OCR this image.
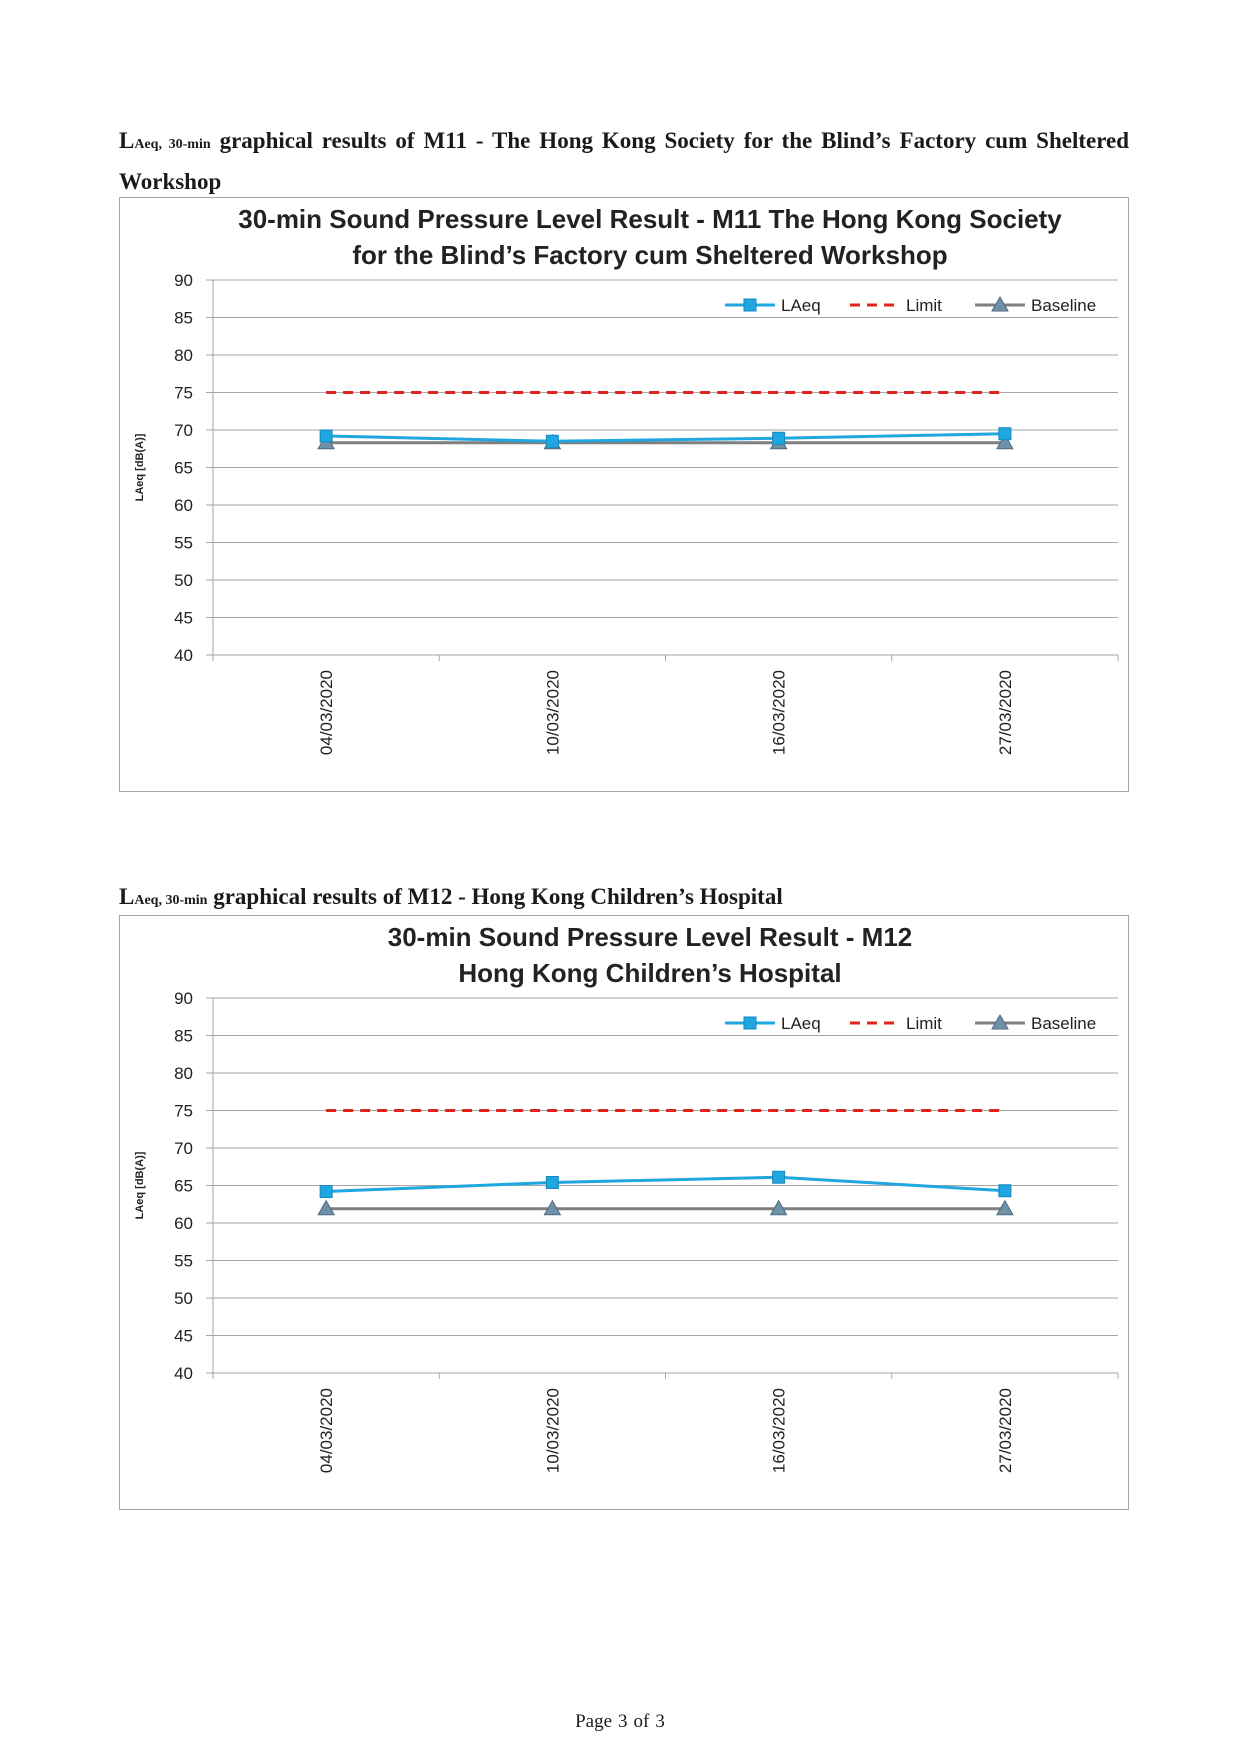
LAeq, 30-min graphical results of M11 - The Hong Kong Society for the Blind’s Factory cum Sheltered Workshop
30-min Sound Pressure Level Result - M11 The Hong Kong Society
for the Blind’s Factory cum Sheltered Workshop
40
45
50
55
60
65
70
75
80
85
90
LAeq [dB(A)]
04/03/2020	10/03/2020	16/03/2020	27/03/2020
LAeq	Limit	Baseline
LAeq, 30-min graphical results of M12 - Hong Kong Children’s Hospital
30-min Sound Pressure Level Result - M12
Hong Kong Children’s Hospital
40
45
50
55
60
65
70
75
80
85
90
LAeq [dB(A)]
04/03/2020	10/03/2020	16/03/2020	27/03/2020
LAeq	Limit	Baseline
Page 3 of 3
